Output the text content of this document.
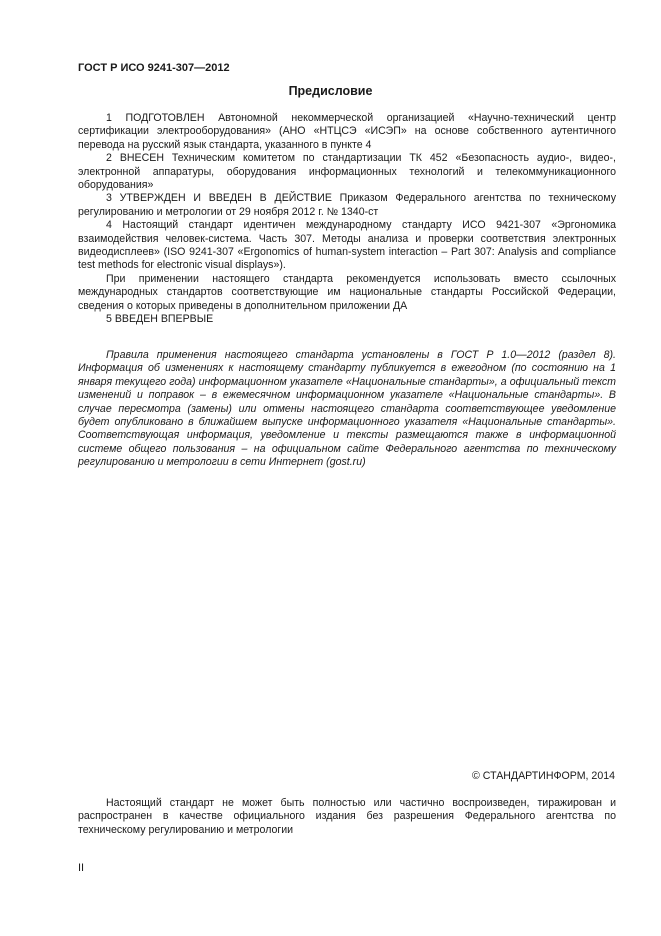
ГОСТ Р ИСО 9241-307—2012
Предисловие

1 ПОДГОТОВЛЕН Автономной некоммерческой организацией «Научно-технический центр сертификации электрооборудования» (АНО «НТЦСЭ «ИСЭП» на основе собственного аутентичного перевода на русский язык стандарта, указанного в пункте 4

2 ВНЕСЕН Техническим комитетом по стандартизации ТК 452 «Безопасность аудио-, видео-, электронной аппаратуры, оборудования информационных технологий и телекоммуникационного оборудования»

3 УТВЕРЖДЕН И ВВЕДЕН В ДЕЙСТВИЕ Приказом Федерального агентства по техническому регулированию и метрологии от 29 ноября 2012 г. № 1340-ст

4 Настоящий стандарт идентичен международному стандарту ИСО 9421-307 «Эргономика взаимодействия человек-система. Часть 307. Методы анализа и проверки соответствия электронных видеодисплеев» (ISO 9241-307 «Ergonomics of human-system interaction – Part 307: Analysis and compliance test methods for electronic visual displays»).

При применении настоящего стандарта рекомендуется использовать вместо ссылочных международных стандартов соответствующие им национальные стандарты Российской Федерации, сведения о которых приведены в дополнительном приложении ДА

5 ВВЕДЕН ВПЕРВЫЕ

Правила применения настоящего стандарта установлены в ГОСТ Р 1.0—2012 (раздел 8). Информация об изменениях к настоящему стандарту публикуется в ежегодном (по состоянию на 1 января текущего года) информационном указателе «Национальные стандарты», а официальный текст изменений и поправок – в ежемесячном информационном указателе «Национальные стандарты». В случае пересмотра (замены) или отмены настоящего стандарта соответствующее уведомление будет опубликовано в ближайшем выпуске информационного указателя «Национальные стандарты». Соответствующая информация, уведомление и тексты размещаются также в информационной системе общего пользования – на официальном сайте Федерального агентства по техническому регулированию и метрологии в сети Интернет (gost.ru)

© СТАНДАРТИНФОРМ, 2014

Настоящий стандарт не может быть полностью или частично воспроизведен, тиражирован и распространен в качестве официального издания без разрешения Федерального агентства по техническому регулированию и метрологии

II
